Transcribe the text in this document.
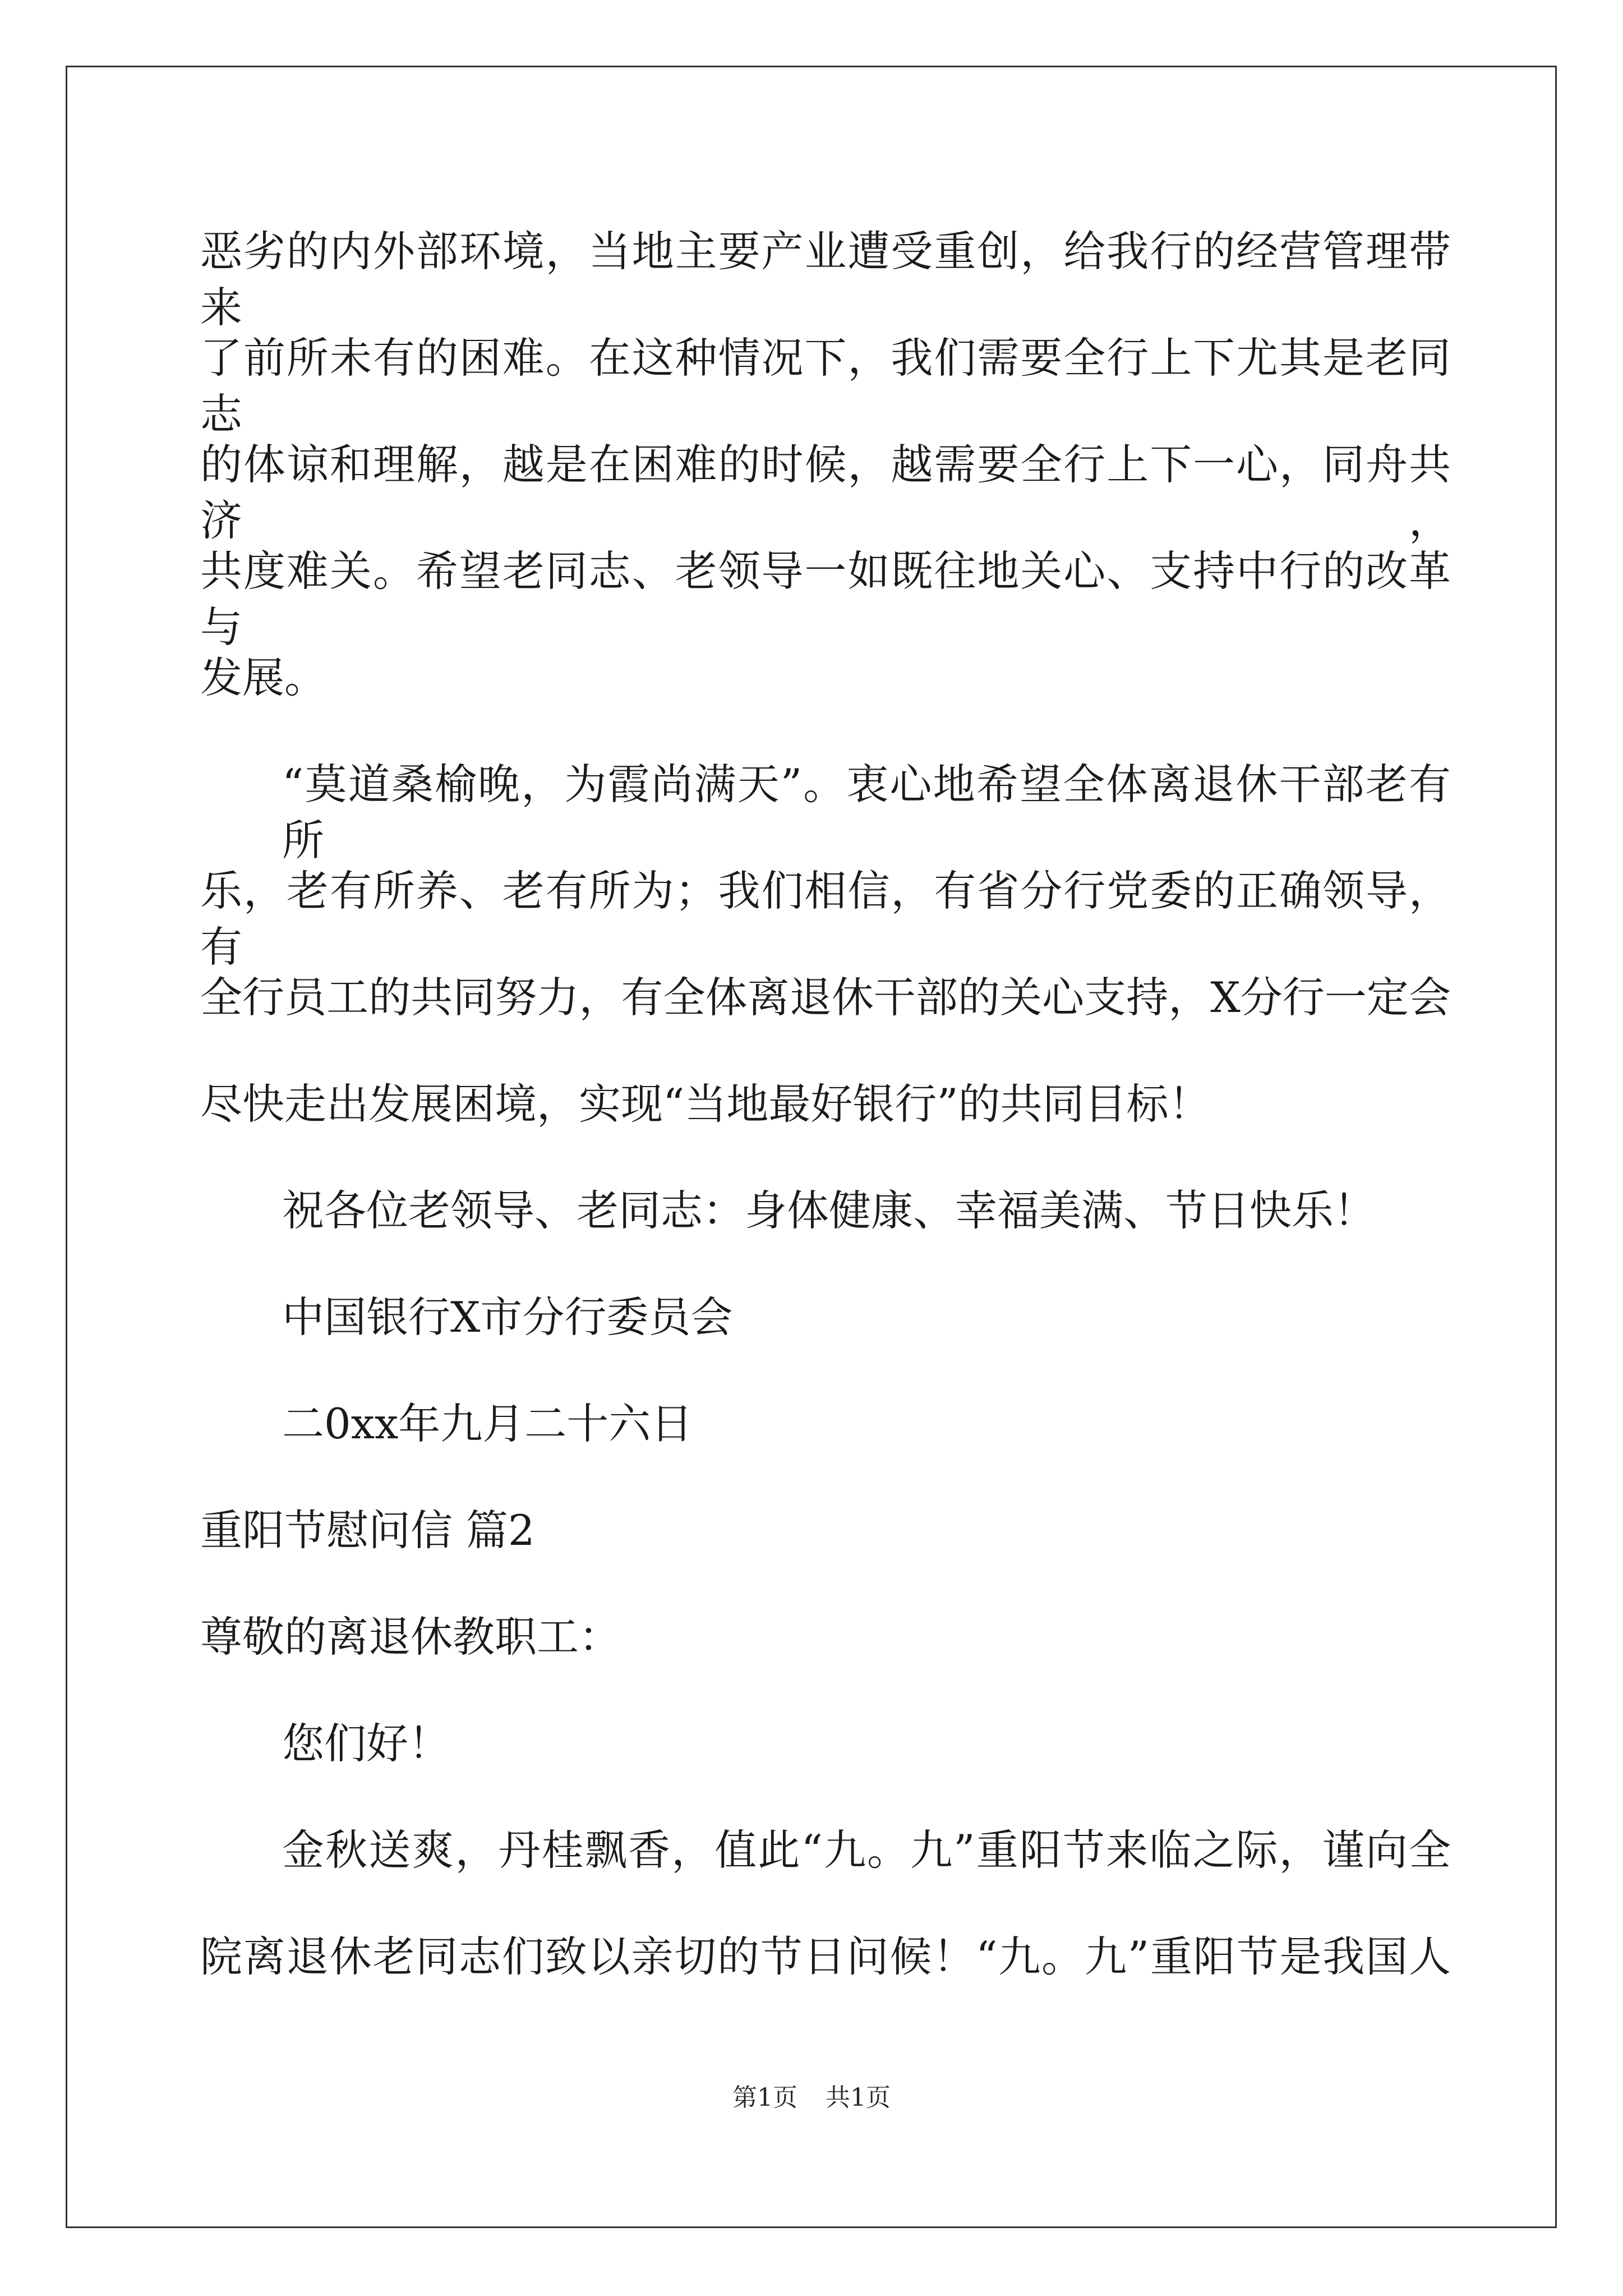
恶劣的内外部环境，当地主要产业遭受重创，给我行的经营管理带来
了前所未有的困难。在这种情况下，我们需要全行上下尤其是老同志
的体谅和理解，越是在困难的时候，越需要全行上下一心，同舟共济，
共度难关。希望老同志、老领导一如既往地关心、支持中行的改革与
发展。
“莫道桑榆晚，为霞尚满天”。衷心地希望全体离退休干部老有所
乐，老有所养、老有所为；我们相信，有省分行党委的正确领导，有
全行员工的共同努力，有全体离退休干部的关心支持，X分行一定会
尽快走出发展困境，实现“当地最好银行”的共同目标！
祝各位老领导、老同志：身体健康、幸福美满、节日快乐！
中国银行X市分行委员会
二0xx年九月二十六日
重阳节慰问信 篇2
尊敬的离退休教职工：
您们好！
金秋送爽，丹桂飘香，值此“九。九”重阳节来临之际，谨向全
院离退休老同志们致以亲切的节日问候！“九。九”重阳节是我国人
第1页 共1页
